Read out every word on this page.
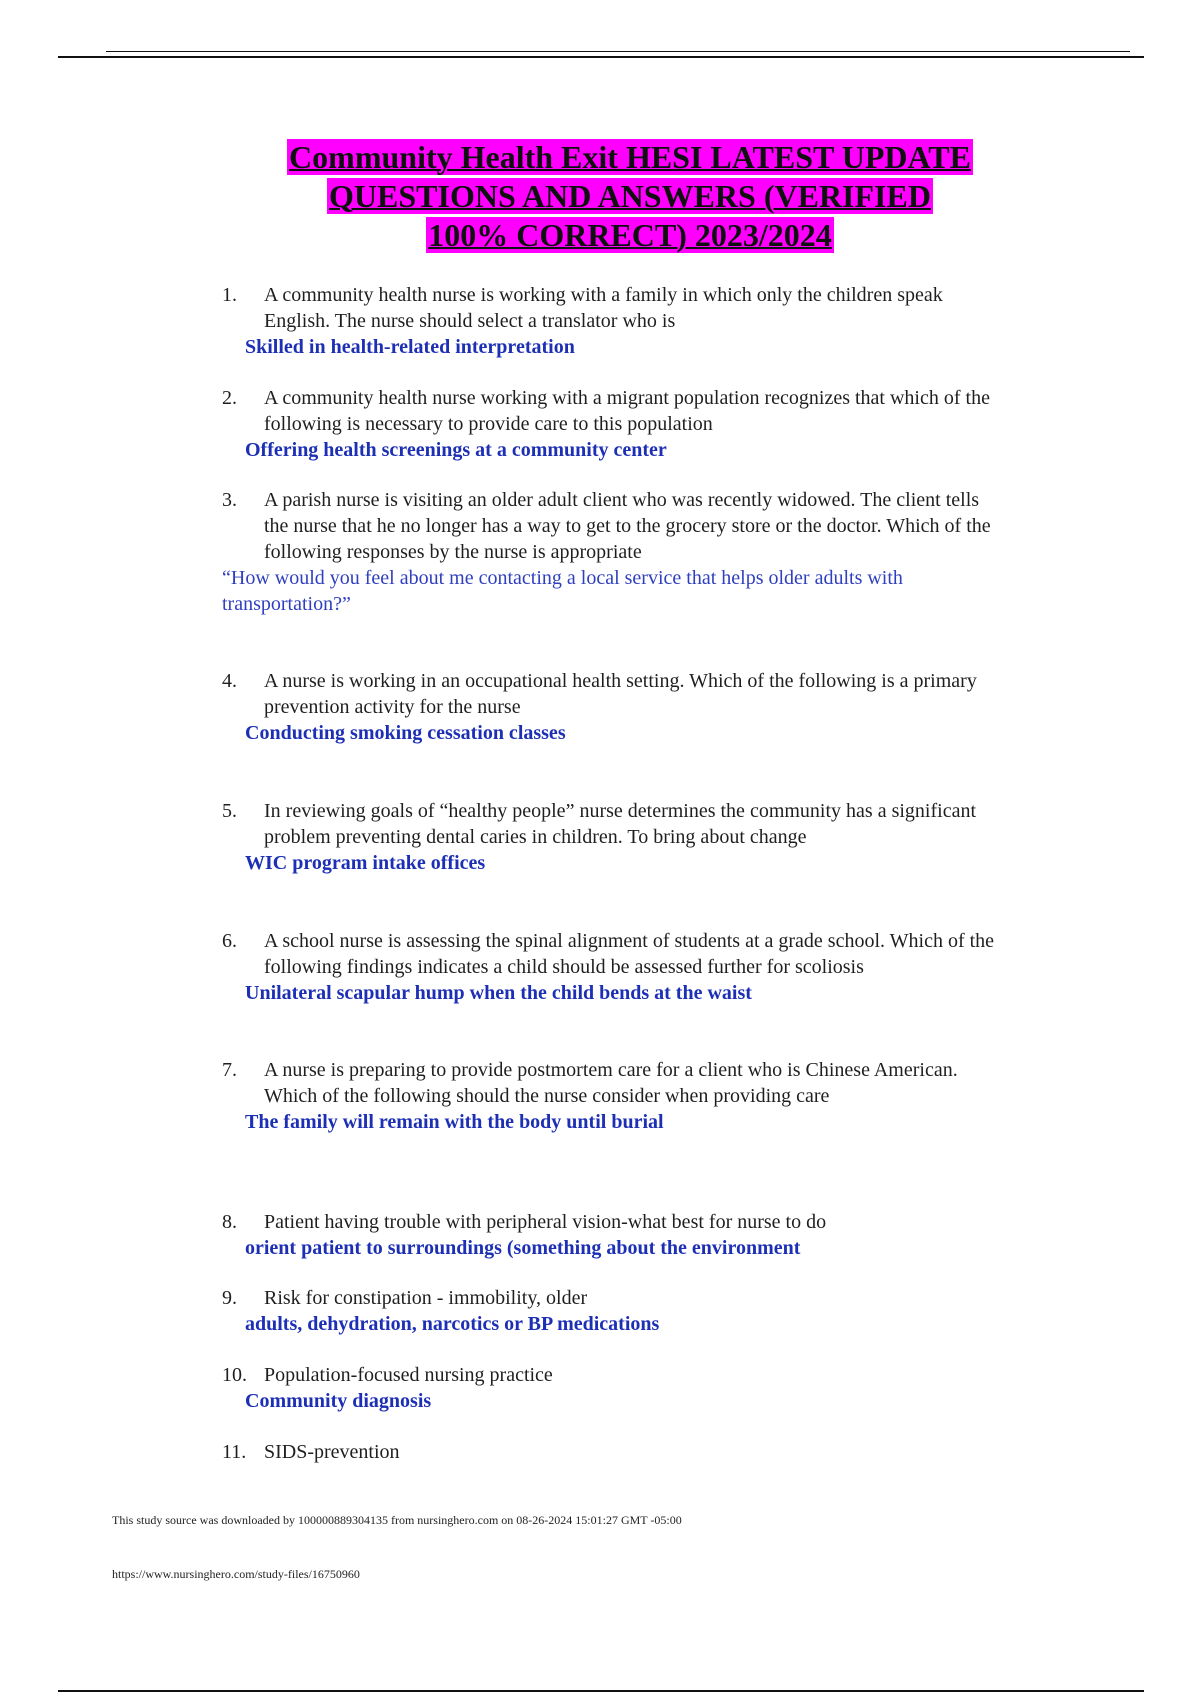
Community Health Exit HESI LATEST UPDATE
QUESTIONS AND ANSWERS (VERIFIED
100% CORRECT) 2023/2024
1.	A community health nurse is working with a family in which only the children speak English. The nurse should select a translator who is
Skilled in health-related interpretation
2.	A community health nurse working with a migrant population recognizes that which of the following is necessary to provide care to this population
Offering health screenings at a community center
3.	A parish nurse is visiting an older adult client who was recently widowed. The client tells the nurse that he no longer has a way to get to the grocery store or the doctor. Which of the following responses by the nurse is appropriate
“How would you feel about me contacting a local service that helps older adults with transportation?”
4.	A nurse is working in an occupational health setting. Which of the following is a primary prevention activity for the nurse
Conducting smoking cessation classes
5.	In reviewing goals of “healthy people” nurse determines the community has a significant problem preventing dental caries in children. To bring about change
WIC program intake offices
6.	A school nurse is assessing the spinal alignment of students at a grade school. Which of the following findings indicates a child should be assessed further for scoliosis
Unilateral scapular hump when the child bends at the waist
7.	A nurse is preparing to provide postmortem care for a client who is Chinese American. Which of the following should the nurse consider when providing care
The family will remain with the body until burial
8.	Patient having trouble with peripheral vision-what best for nurse to do
orient patient to surroundings (something about the environment
9.	Risk for constipation - immobility, older
adults, dehydration, narcotics or BP medications
10. Population-focused nursing practice
Community diagnosis
11. SIDS-prevention
This study source was downloaded by 100000889304135 from nursinghero.com on 08-26-2024 15:01:27 GMT -05:00
https://www.nursinghero.com/study-files/16750960
